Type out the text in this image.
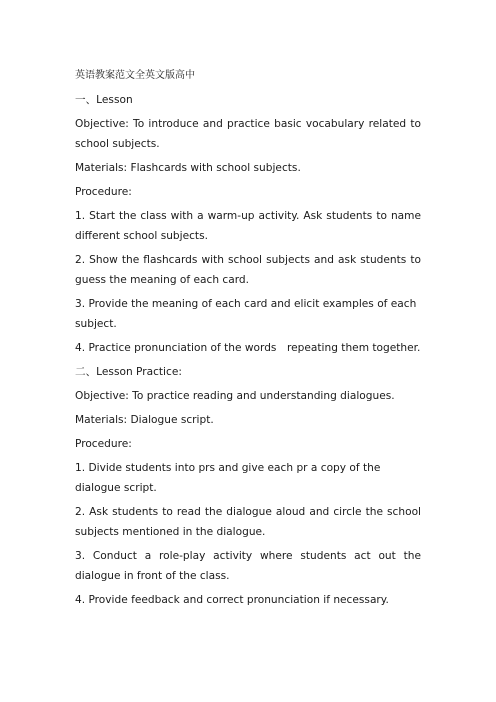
英语教案范文全英文版高中

一、Lesson

Objective: To introduce and practice basic vocabulary related to school subjects.

Materials: Flashcards with school subjects.

Procedure:

1. Start the class with a warm-up activity. Ask students to name different school subjects.

2. Show the flashcards with school subjects and ask students to guess the meaning of each card.

3. Provide the meaning of each card and elicit examples of each subject.

4. Practice pronunciation of the words　repeating them together.

二、Lesson Practice:

Objective: To practice reading and understanding dialogues.

Materials: Dialogue script.

Procedure:

1. Divide students into prs and give each pr a copy of the dialogue script.

2. Ask students to read the dialogue aloud and circle the school subjects mentioned in the dialogue.

3. Conduct a role-play activity where students act out the dialogue in front of the class.

4. Provide feedback and correct pronunciation if necessary.
